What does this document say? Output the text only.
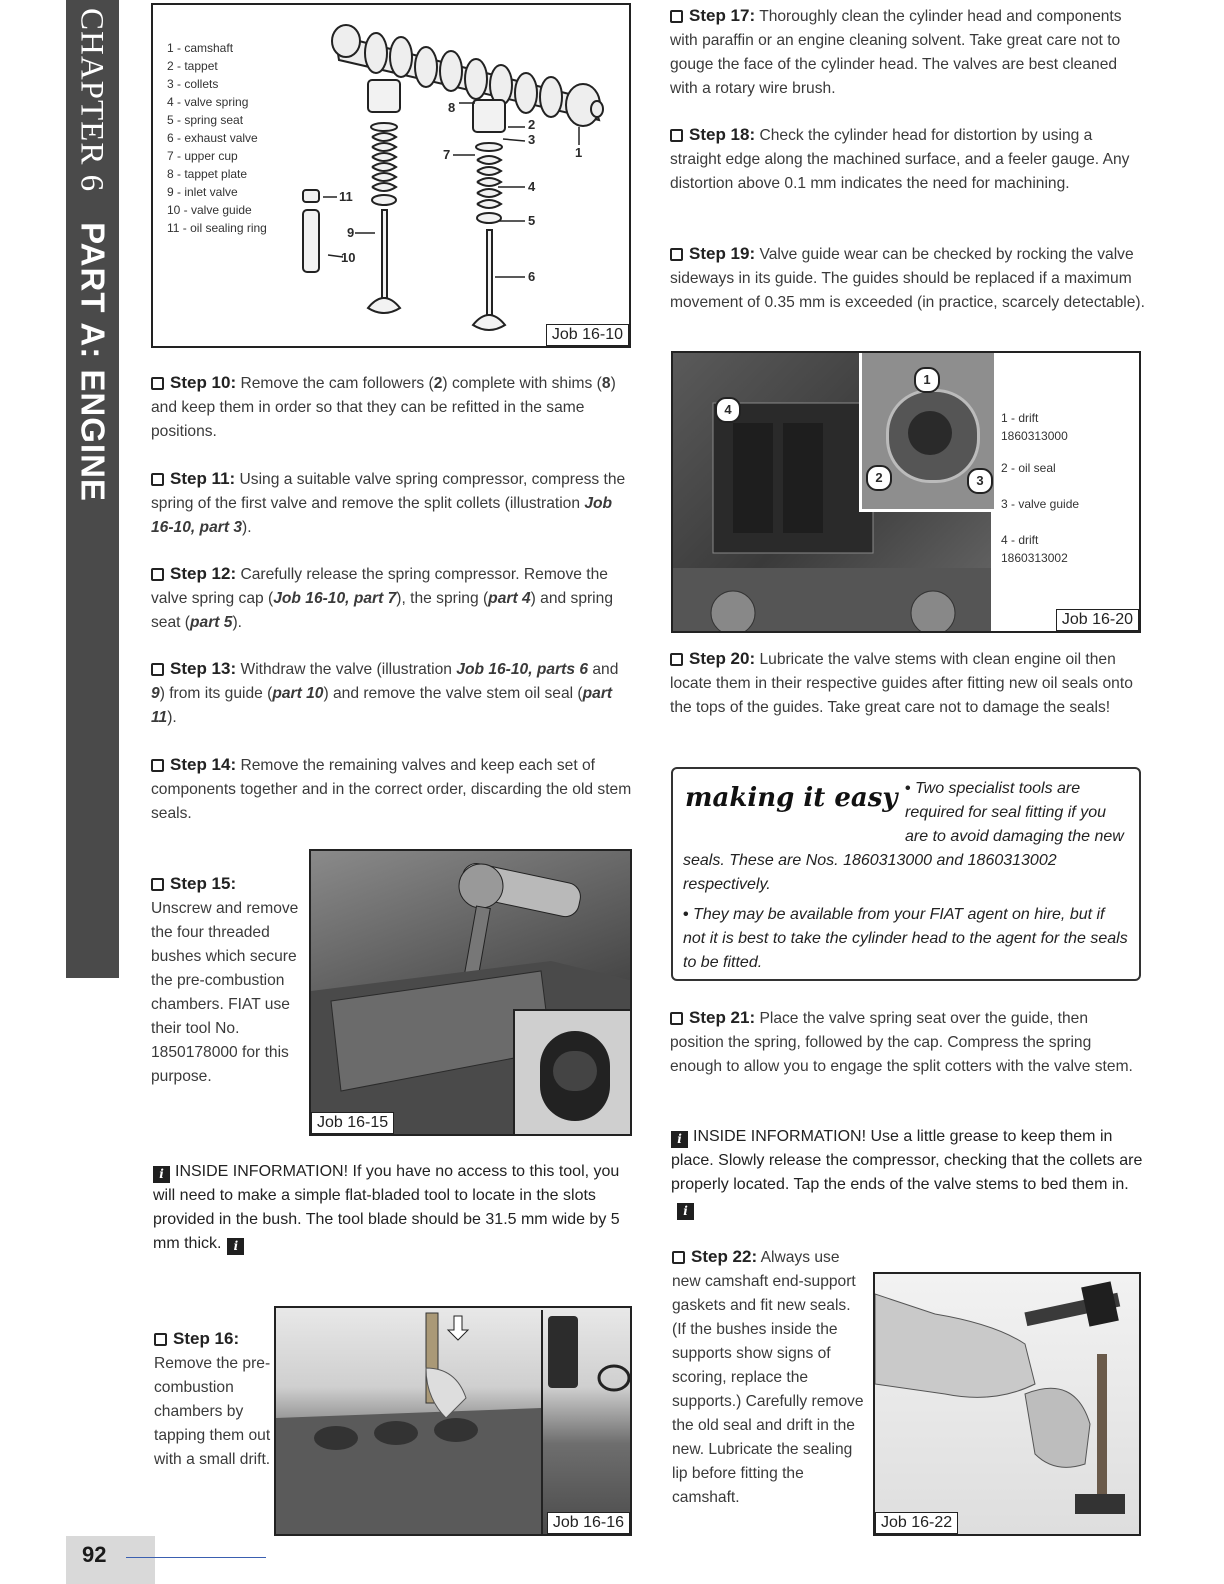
CHAPTER 6PART A: ENGINE
1 - camshaft
2 - tappet
3 - collets
4 - valve spring
5 - spring seat
6 - exhaust valve
7 - upper cup
8 - tappet plate
9 - inlet valve
10 - valve guide
11 - oil sealing ring
2
3
4
5
6
7
8
9
10
11
1
Job 16-10
Step 10: Remove the cam followers (2) complete with shims (8) and keep them in order so that they can be refitted in the same positions.
Step 11: Using a suitable valve spring compressor, compress the spring of the first valve and remove the split collets (illustration Job 16-10, part 3).
Step 12: Carefully release the spring compressor. Remove the valve spring cap (Job 16-10, part 7), the spring (part 4) and spring seat (part 5).
Step 13: Withdraw the valve (illustration Job 16-10, parts 6 and 9) from its guide (part 10) and remove the valve stem oil seal (part 11).
Step 14: Remove the remaining valves and keep each set of components together and in the correct order, discarding the old stem seals.
Step 15:
Unscrew and remove the four threaded bushes which secure the pre-combustion chambers. FIAT use their tool No. 1850178000 for this purpose.
Job 16-15
i INSIDE INFORMATION! If you have no access to this tool, you will need to make a simple flat-bladed tool to locate in the slots provided in the bush. The tool blade should be 31.5 mm wide by 5 mm thick. i
Step 16:
Remove the pre-combustion chambers by tapping them out with a small drift.
Job 16-16
92
Step 17: Thoroughly clean the cylinder head and components with paraffin or an engine cleaning solvent. Take great care not to gouge the face of the cylinder head. The valves are best cleaned with a rotary wire brush.
Step 18: Check the cylinder head for distortion by using a straight edge along the machined surface, and a feeler gauge. Any distortion above 0.1 mm indicates the need for machining.
Step 19: Valve guide wear can be checked by rocking the valve sideways in its guide. The guides should be replaced if a maximum movement of 0.35 mm is exceeded (in practice, scarcely detectable).
1
2	3
4
1 - drift
1860313000
2 - oil seal
3 - valve guide
4 - drift
1860313002
Job 16-20
Step 20: Lubricate the valve stems with clean engine oil then locate them in their respective guides after fitting new oil seals onto the tops of the guides. Take great care not to damage the seals!
making it easy • Two specialist tools are required for seal fitting if you are to avoid damaging the new seals. These are Nos. 1860313000 and 1860313002 respectively.
• They may be available from your FIAT agent on hire, but if not it is best to take the cylinder head to the agent for the seals to be fitted.
Step 21: Place the valve spring seat over the guide, then position the spring, followed by the cap. Compress the spring enough to allow you to engage the split cotters with the valve stem.
i INSIDE INFORMATION! Use a little grease to keep them in place. Slowly release the compressor, checking that the collets are properly located. Tap the ends of the valve stems to bed them in.i
Step 22: Always use new camshaft end-support gaskets and fit new seals. (If the bushes inside the supports show signs of scoring, replace the supports.) Carefully remove the old seal and drift in the new. Lubricate the sealing lip before fitting the camshaft.
Job 16-22
